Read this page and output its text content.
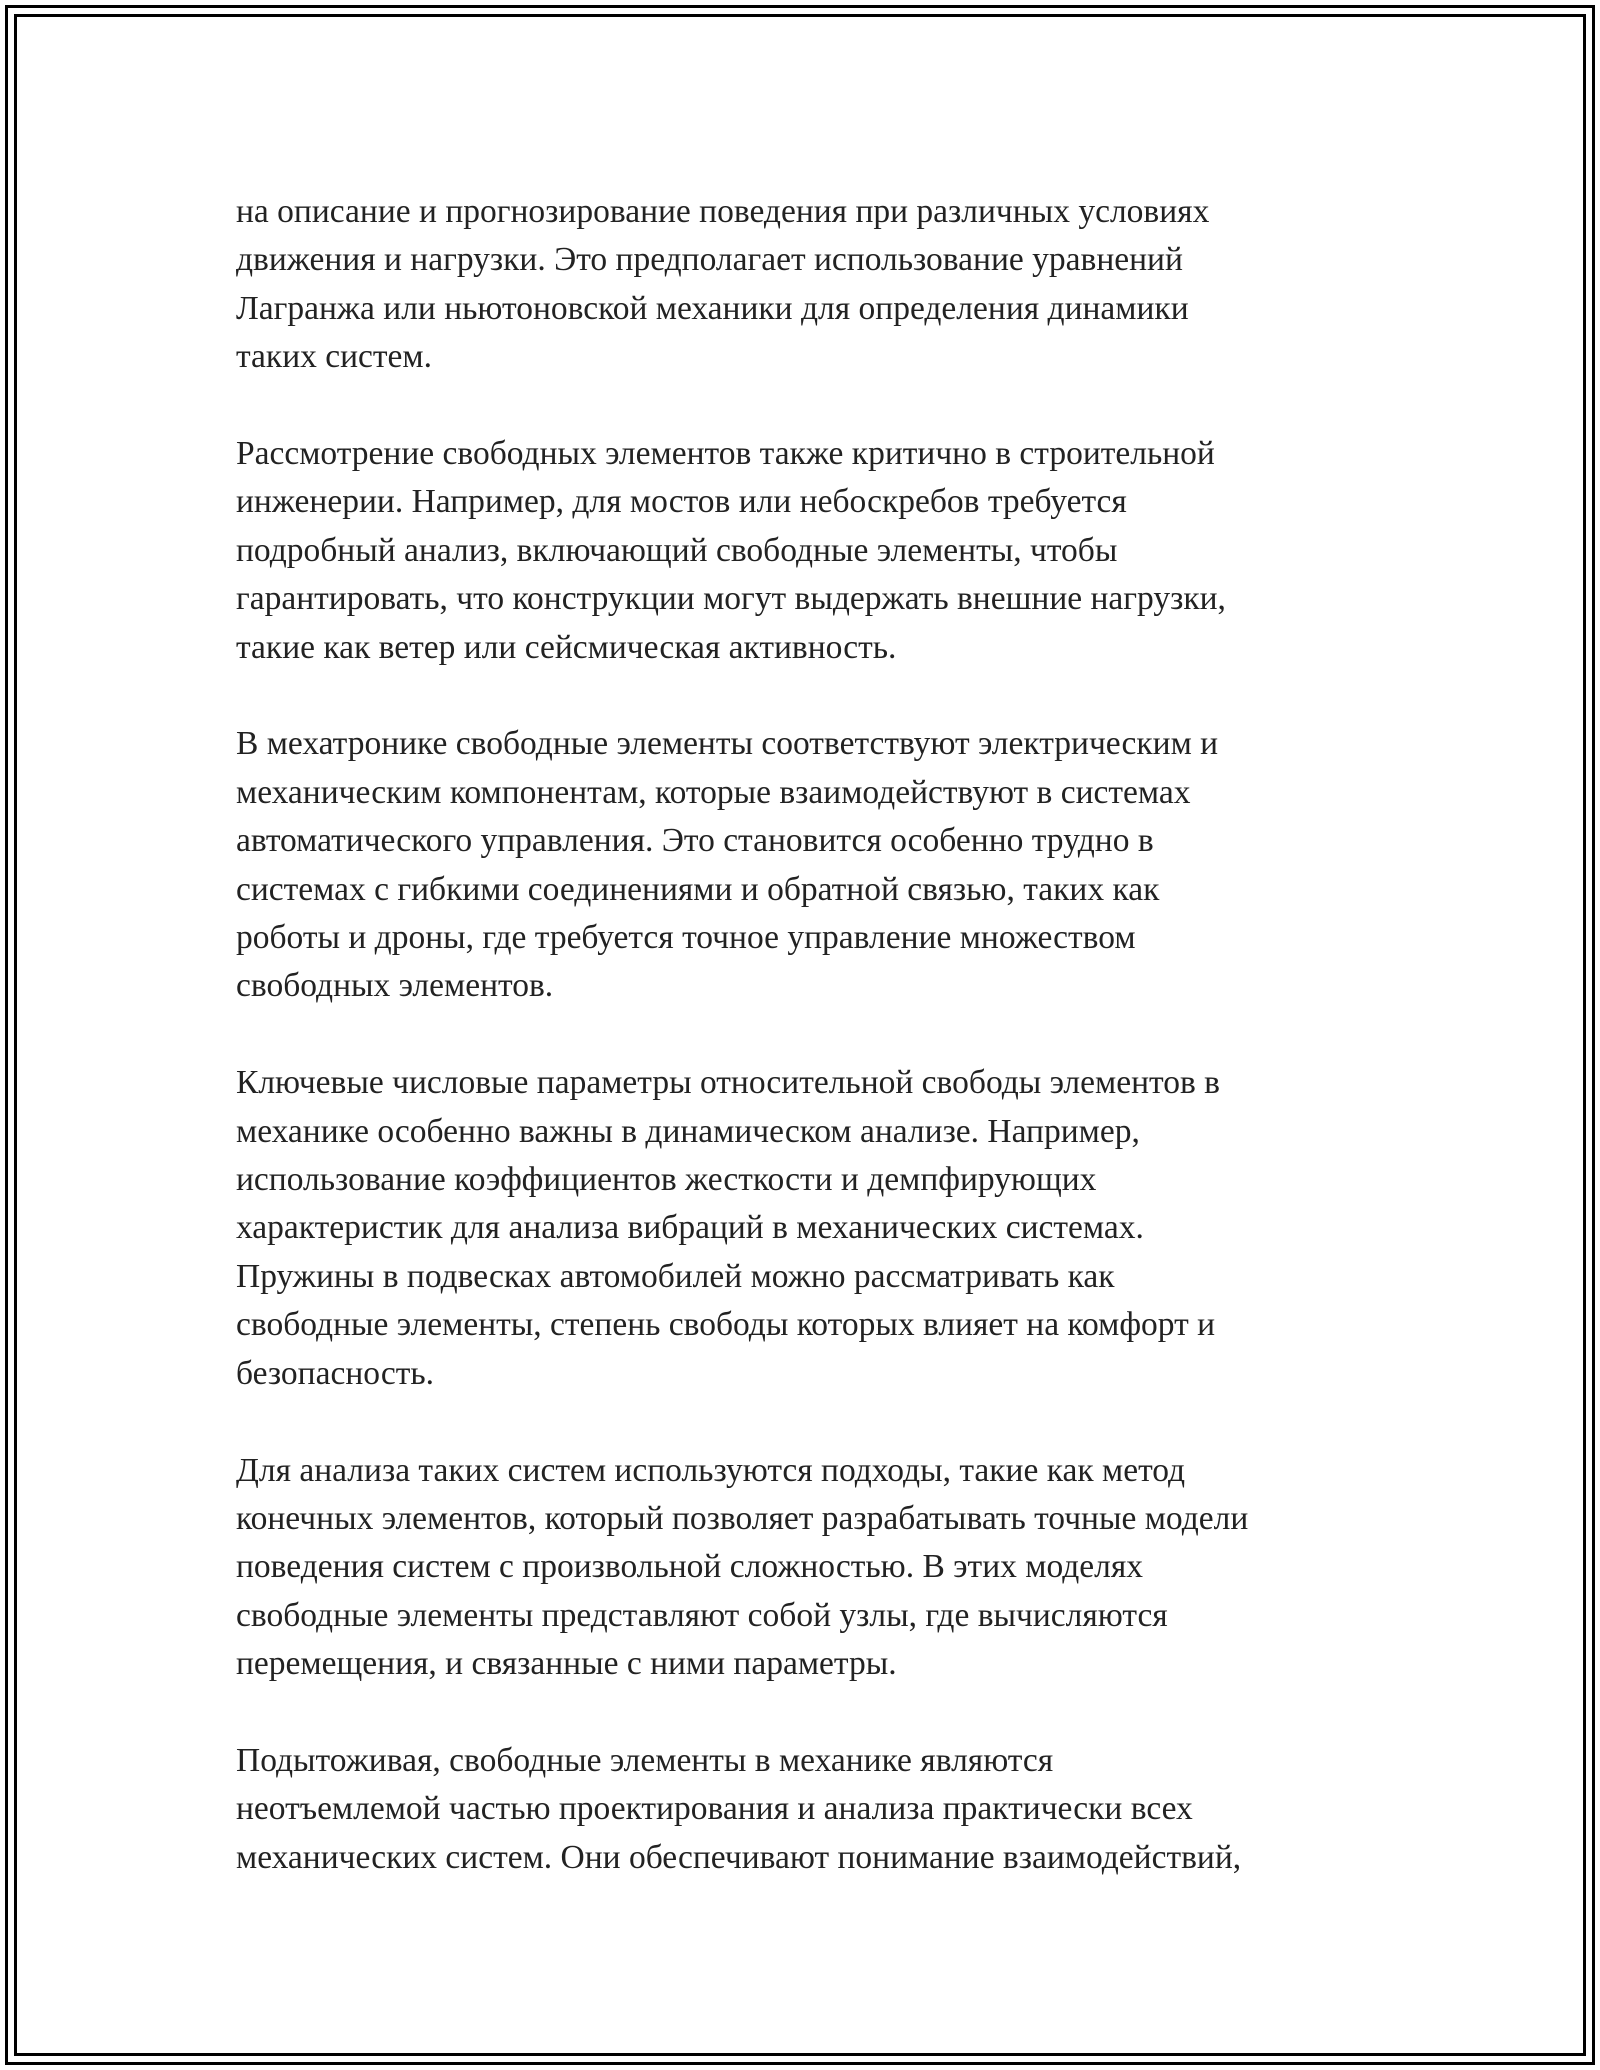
на описание и прогнозирование поведения при различных условиях
движения и нагрузки. Это предполагает использование уравнений
Лагранжа или ньютоновской механики для определения динамики
таких систем.

Рассмотрение свободных элементов также критично в строительной
инженерии. Например, для мостов или небоскребов требуется
подробный анализ, включающий свободные элементы, чтобы
гарантировать, что конструкции могут выдержать внешние нагрузки,
такие как ветер или сейсмическая активность.

В мехатронике свободные элементы соответствуют электрическим и
механическим компонентам, которые взаимодействуют в системах
автоматического управления. Это становится особенно трудно в
системах с гибкими соединениями и обратной связью, таких как
роботы и дроны, где требуется точное управление множеством
свободных элементов.

Ключевые числовые параметры относительной свободы элементов в
механике особенно важны в динамическом анализе. Например,
использование коэффициентов жесткости и демпфирующих
характеристик для анализа вибраций в механических системах.
Пружины в подвесках автомобилей можно рассматривать как
свободные элементы, степень свободы которых влияет на комфорт и
безопасность.

Для анализа таких систем используются подходы, такие как метод
конечных элементов, который позволяет разрабатывать точные модели
поведения систем с произвольной сложностью. В этих моделях
свободные элементы представляют собой узлы, где вычисляются
перемещения, и связанные с ними параметры.

Подытоживая, свободные элементы в механике являются
неотъемлемой частью проектирования и анализа практически всех
механических систем. Они обеспечивают понимание взаимодействий,
